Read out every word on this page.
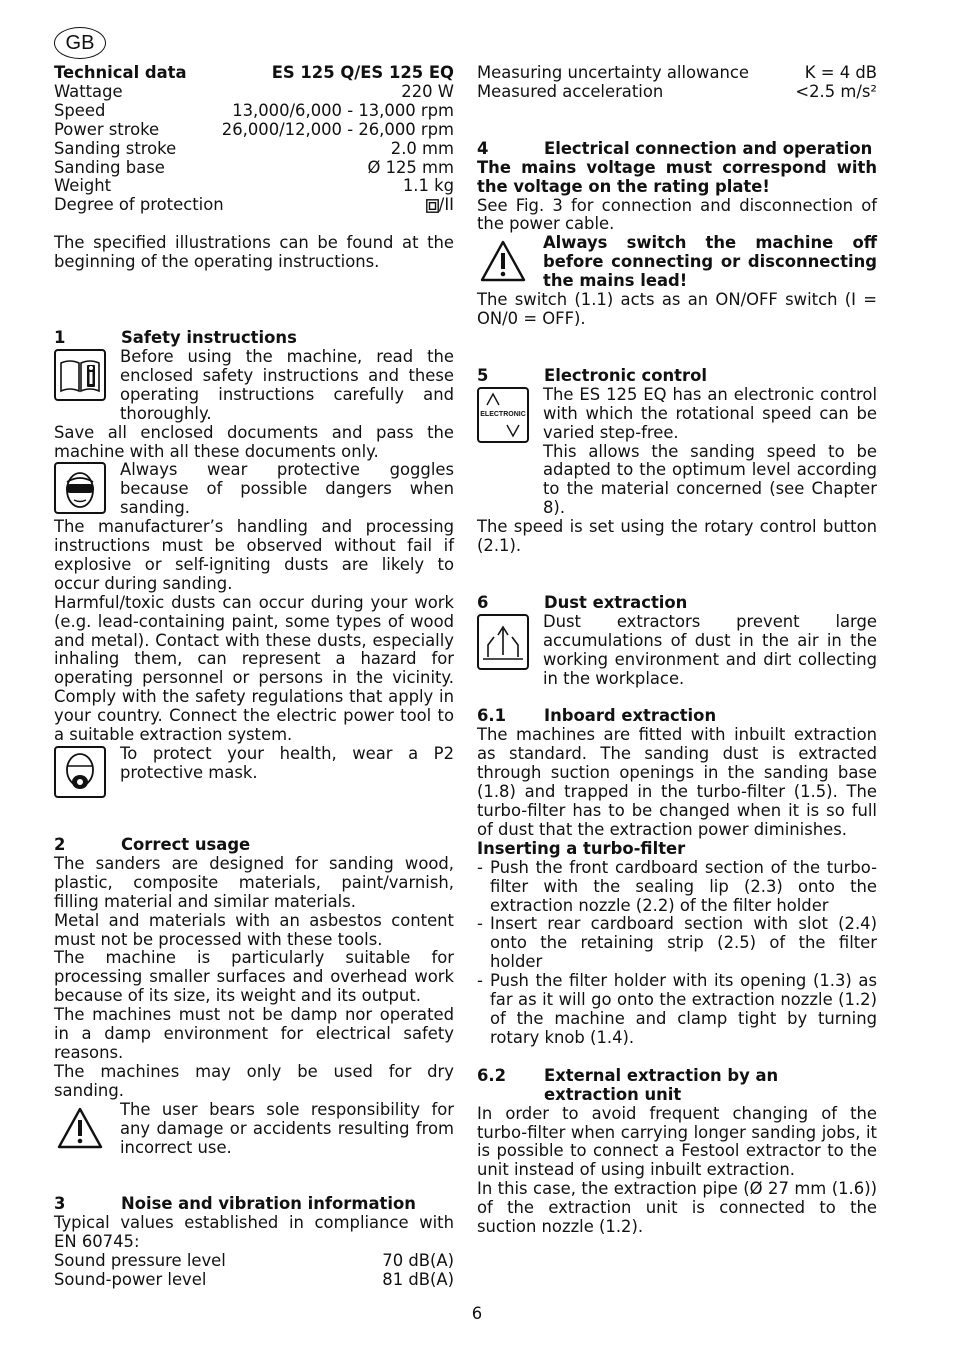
GB
Technical data	ES 125 Q/ES 125 EQ
Wattage	220 W
Speed	13,000/6,000 - 13,000 rpm
Power stroke	26,000/12,000 - 26,000 rpm
Sanding stroke	2.0 mm
Sanding base	Ø 125 mm
Weight	1.1 kg
Degree of protection	/II

The specified illustrations can be found at the beginning of the operating instructions.

1	Safety instructions

Before using the machine, read the enclosed safety instructions and these operating instructions carefully and thoroughly.

Save all enclosed documents and pass the machine with all these documents only.

Always wear protective goggles because of possible dangers when sanding.

The manufacturer’s handling and processing instructions must be observed without fail if explosive or self-igniting dusts are likely to occur during sanding.

Harmful/toxic dusts can occur during your work (e.g. lead-containing paint, some types of wood and metal). Contact with these dusts, especially inhaling them, can represent a hazard for operating personnel or persons in the vicinity. Comply with the safety regulations that apply in your country. Connect the electric power tool to a suitable extraction system.

To protect your health, wear a P2 protective mask.

2	Correct usage

The sanders are designed for sanding wood, plastic, composite materials, paint/varnish, filling material and similar materials.

Metal and materials with an asbestos content must not be processed with these tools.

The machine is particularly suitable for processing smaller surfaces and overhead work because of its size, its weight and its output.

The machines must not be damp nor operated in a damp environment for electrical safety reasons.

The machines may only be used for dry sanding.

The user bears sole responsibility for any damage or accidents resulting from incorrect use.

3	Noise and vibration information

Typical values established in compliance with EN 60745:

Sound pressure level	70 dB(A)
Sound-power level	81 dB(A)
Measuring uncertainty allowance	K = 4 dB
Measured acceleration	<2.5 m/s²
4	Electrical connection and operation

The mains voltage must correspond with the voltage on the rating plate!

See Fig. 3 for connection and disconnection of the power cable.

Always switch the machine off before connecting or disconnecting the mains lead!

The switch (1.1) acts as an ON/OFF switch (I = ON/0 = OFF).

5	Electronic control
ELECTRONIC

The ES 125 EQ has an electronic control with which the rotational speed can be varied step-free.

This allows the sanding speed to be adapted to the optimum level according to the material concerned (see Chapter 8).

The speed is set using the rotary control button (2.1).

6	Dust extraction

Dust extractors prevent large accumulations of dust in the air in the working environment and dirt collecting in the workplace.

6.1	Inboard extraction

The machines are fitted with inbuilt extraction as standard. The sanding dust is extracted through suction openings in the sanding base (1.8) and trapped in the turbo-filter (1.5). The turbo-filter has to be changed when it is so full of dust that the extraction power diminishes.

Inserting a turbo-filter

- Push the front cardboard section of the turbo-filter with the sealing lip (2.3) onto the extraction nozzle (2.2) of the filter holder
- Insert rear cardboard section with slot (2.4) onto the retaining strip (2.5) of the filter holder
- Push the filter holder with its opening (1.3) as far as it will go onto the extraction nozzle (1.2) of the machine and clamp tight by turning rotary knob (1.4).
6.2	External extraction by an extraction unit

In order to avoid frequent changing of the turbo-filter when carrying longer sanding jobs, it is possible to connect a Festool extractor to the unit instead of using inbuilt extraction.

In this case, the extraction pipe (Ø 27 mm (1.6)) of the extraction unit is connected to the suction nozzle (1.2).

6
